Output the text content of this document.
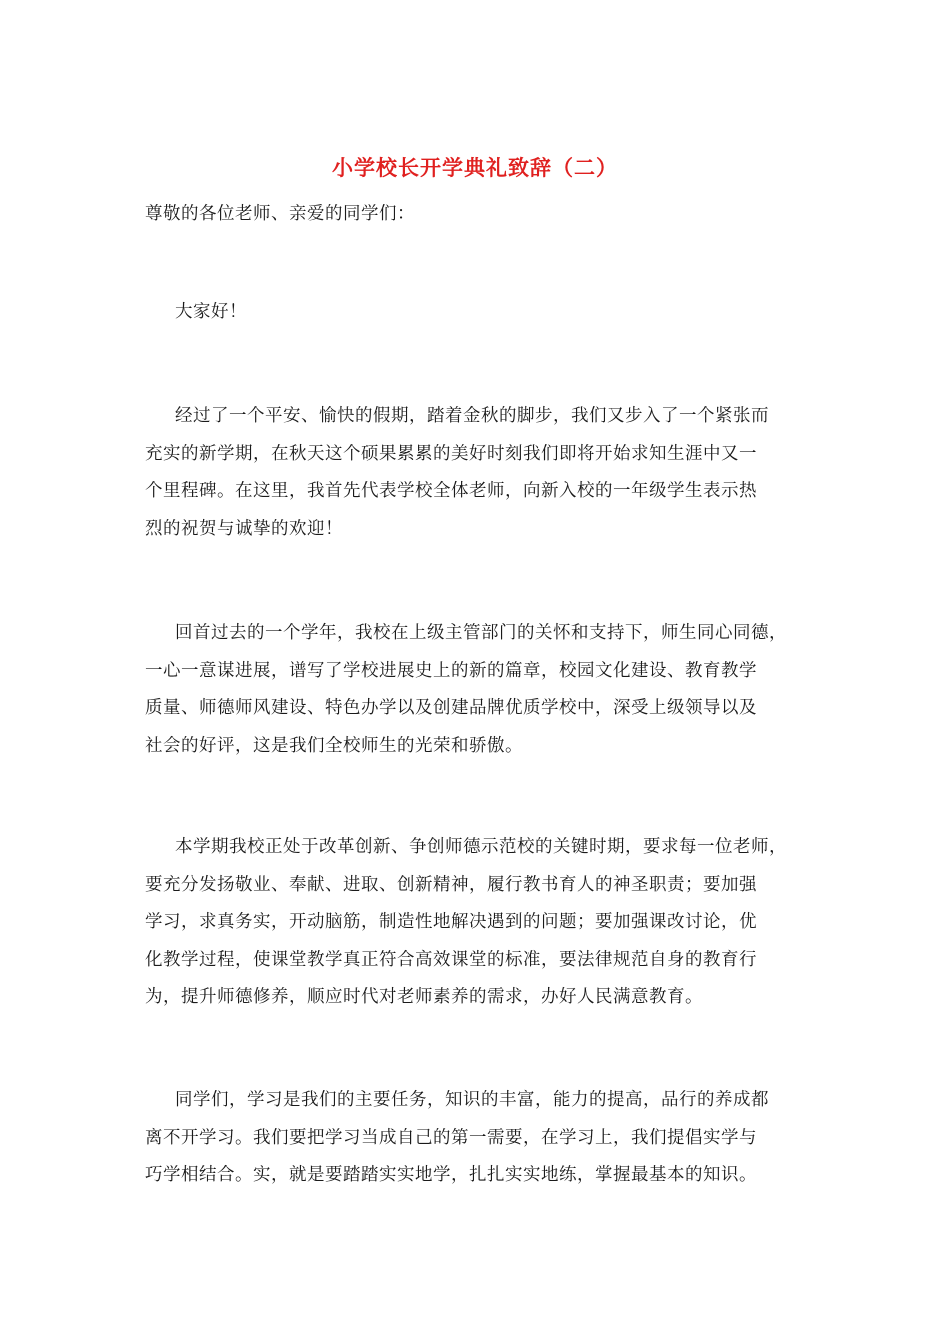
小学校长开学典礼致辞（二）
尊敬的各位老师、亲爱的同学们：
大家好！
经过了一个平安、愉快的假期，踏着金秋的脚步，我们又步入了一个紧张而
充实的新学期，在秋天这个硕果累累的美好时刻我们即将开始求知生涯中又一
个里程碑。在这里，我首先代表学校全体老师，向新入校的一年级学生表示热
烈的祝贺与诚挚的欢迎！
回首过去的一个学年，我校在上级主管部门的关怀和支持下，师生同心同德，
一心一意谋进展，谱写了学校进展史上的新的篇章，校园文化建设、教育教学
质量、师德师风建设、特色办学以及创建品牌优质学校中，深受上级领导以及
社会的好评，这是我们全校师生的光荣和骄傲。
本学期我校正处于改革创新、争创师德示范校的关键时期，要求每一位老师，
要充分发扬敬业、奉献、进取、创新精神，履行教书育人的神圣职责；要加强
学习，求真务实，开动脑筋，制造性地解决遇到的问题；要加强课改讨论，优
化教学过程，使课堂教学真正符合高效课堂的标准，要法律规范自身的教育行
为，提升师德修养，顺应时代对老师素养的需求，办好人民满意教育。
同学们，学习是我们的主要任务，知识的丰富，能力的提高，品行的养成都
离不开学习。我们要把学习当成自己的第一需要，在学习上，我们提倡实学与
巧学相结合。实，就是要踏踏实实地学，扎扎实实地练，掌握最基本的知识。
